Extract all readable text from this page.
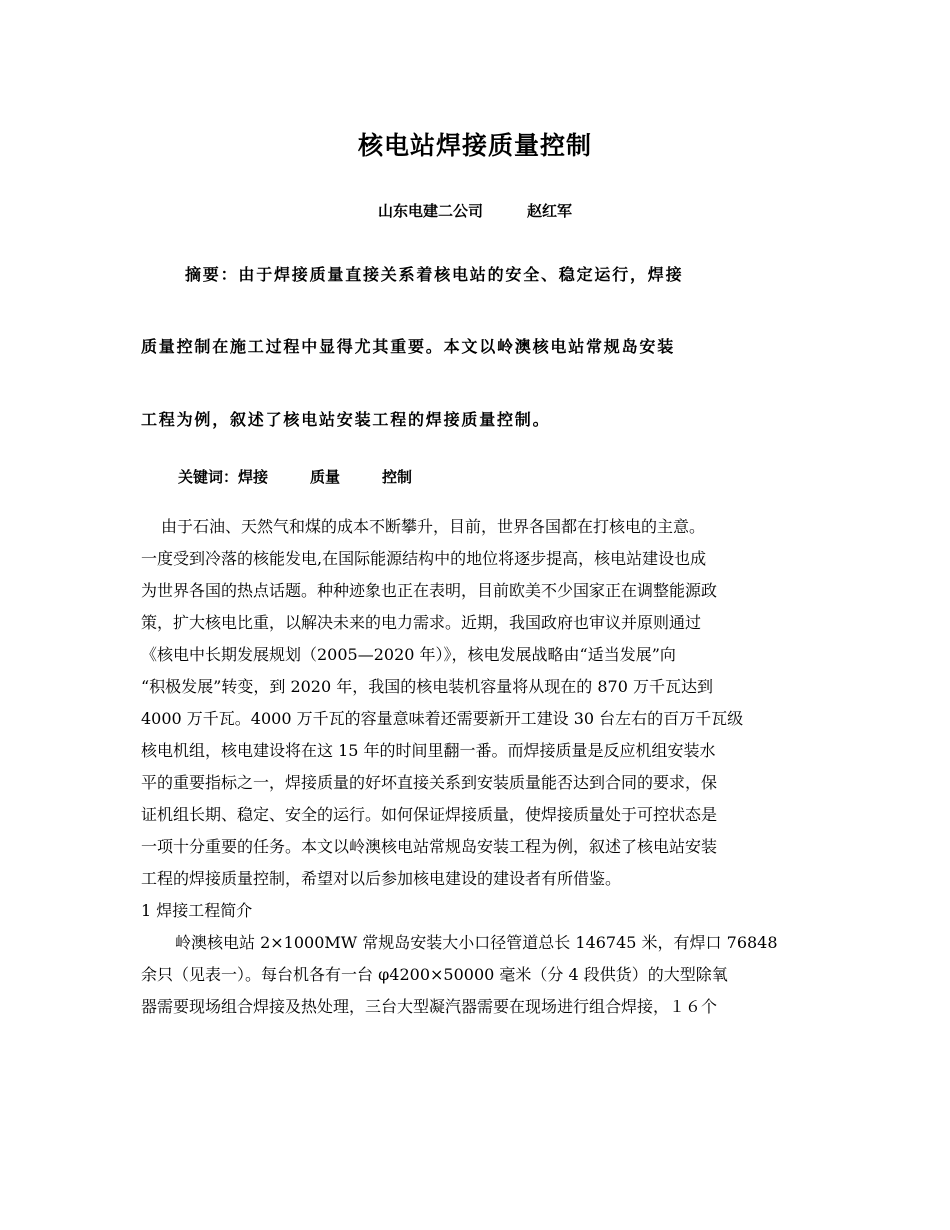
核电站焊接质量控制
山东电建二公司	赵红军
摘要：由于焊接质量直接关系着核电站的安全、稳定运行，焊接
质量控制在施工过程中显得尤其重要。本文以岭澳核电站常规岛安装
工程为例，叙述了核电站安装工程的焊接质量控制。
关键词：焊接	质量	控制
由于石油、天然气和煤的成本不断攀升，目前，世界各国都在打核电的主意。
一度受到冷落的核能发电,在国际能源结构中的地位将逐步提高，核电站建设也成
为世界各国的热点话题。种种迹象也正在表明，目前欧美不少国家正在调整能源政
策，扩大核电比重，以解决未来的电力需求。近期，我国政府也审议并原则通过
《核电中长期发展规划（2005—2020 年）》，核电发展战略由“适当发展”向
“积极发展”转变，到 2020 年，我国的核电装机容量将从现在的 870 万千瓦达到
4000 万千瓦。4000 万千瓦的容量意味着还需要新开工建设 30 台左右的百万千瓦级
核电机组，核电建设将在这 15 年的时间里翻一番。而焊接质量是反应机组安装水
平的重要指标之一，焊接质量的好坏直接关系到安装质量能否达到合同的要求，保
证机组长期、稳定、安全的运行。如何保证焊接质量，使焊接质量处于可控状态是
一项十分重要的任务。本文以岭澳核电站常规岛安装工程为例，叙述了核电站安装
工程的焊接质量控制，希望对以后参加核电建设的建设者有所借鉴。
1 焊接工程简介
岭澳核电站 2×1000MW 常规岛安装大小口径管道总长 146745 米，有焊口 76848
余只（见表一）。每台机各有一台 φ4200×50000 毫米（分 4 段供货）的大型除氧
器需要现场组合焊接及热处理，三台大型凝汽器需要在现场进行组合焊接，１６个
